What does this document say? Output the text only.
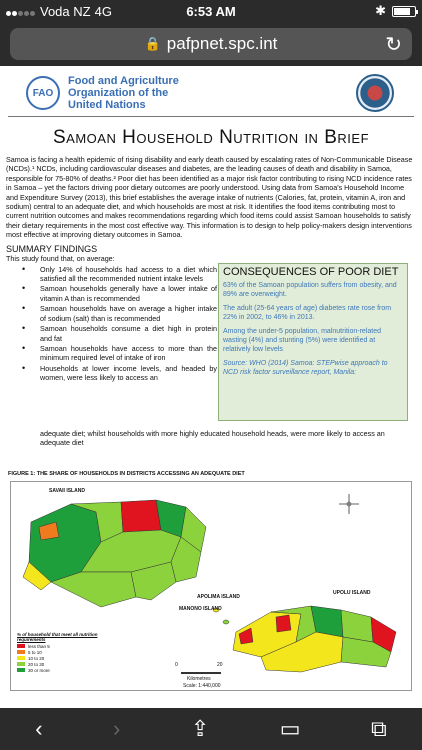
Voda NZ 4G	6:53 AM	✱
🔒 pafpnet.spc.int	↻
FAO
Food and Agriculture
Organization of the
United Nations
Samoan Household Nutrition in Brief

Samoa is facing a health epidemic of rising disability and early death caused by escalating rates of Non-Communicable Disease (NCDs).¹ NCDs, including cardiovascular diseases and diabetes, are the leading causes of death and disability in Samoa, responsible for 75-80% of deaths.² Poor diet has been identified as a major risk factor contributing to rising NCD incidence rates in Samoa – yet the factors driving poor dietary outcomes are poorly understood. Using data from Samoa's Household Income and Expenditure Survey (2013), this brief establishes the average intake of nutrients (Calories, fat, protein, vitamin A, iron and sodium) central to an adequate diet, and which households are most at risk. It identifies the food items contributing most to current nutrition outcomes and makes recommendations regarding which food items could assist Samoan households to satisfy their dietary requirements in the most cost effective way. This information is to design to help policy-makers design interventions most effective at improving dietary outcomes in Samoa.

SUMMARY FINDINGS
This study found that, on average:
• Only 14% of households had access to a diet which satisfied all the recommended nutrient intake levels
• Samoan households generally have a lower intake of vitamin A than is recommended
• Samoan households have on average a higher intake of sodium (salt) than is recommended
• Samoan households consume a diet high in protein and fat
• Samoan households have access to more than the minimum required level of intake of iron
• Households at lower income levels, and headed by women, were less likely to access an
adequate diet; whilst households with more highly educated household heads, were more likely to access an adequate diet
CONSEQUENCES OF POOR DIET

63% of the Samoan population suffers from obesity, and 89% are overweight.

The adult (25-64 years of age) diabetes rate rose from 22% in 2002, to 46% in 2013.

Among the under-5 population, malnutrition-related wasting (4%) and stunting (5%) were identified at relatively low levels

Source: WHO (2014) Samoa: STEPwise approach to NCD risk factor surveillance report, Manila:

FIGURE 1: THE SHARE OF HOUSEHOLDS IN DISTRICTS ACCESSING AN ADEQUATE DIET
SAVAII ISLAND
UPOLU ISLAND
APOLIMA ISLAND
MANONO ISLAND
0	20
Kilometres
Scale: 1:440,000
% of household that meet all nutrition requirements
less than 5
5 to 10
10 to 20
20 to 30
30 or more
‹	›	⇪	▭	⧉
